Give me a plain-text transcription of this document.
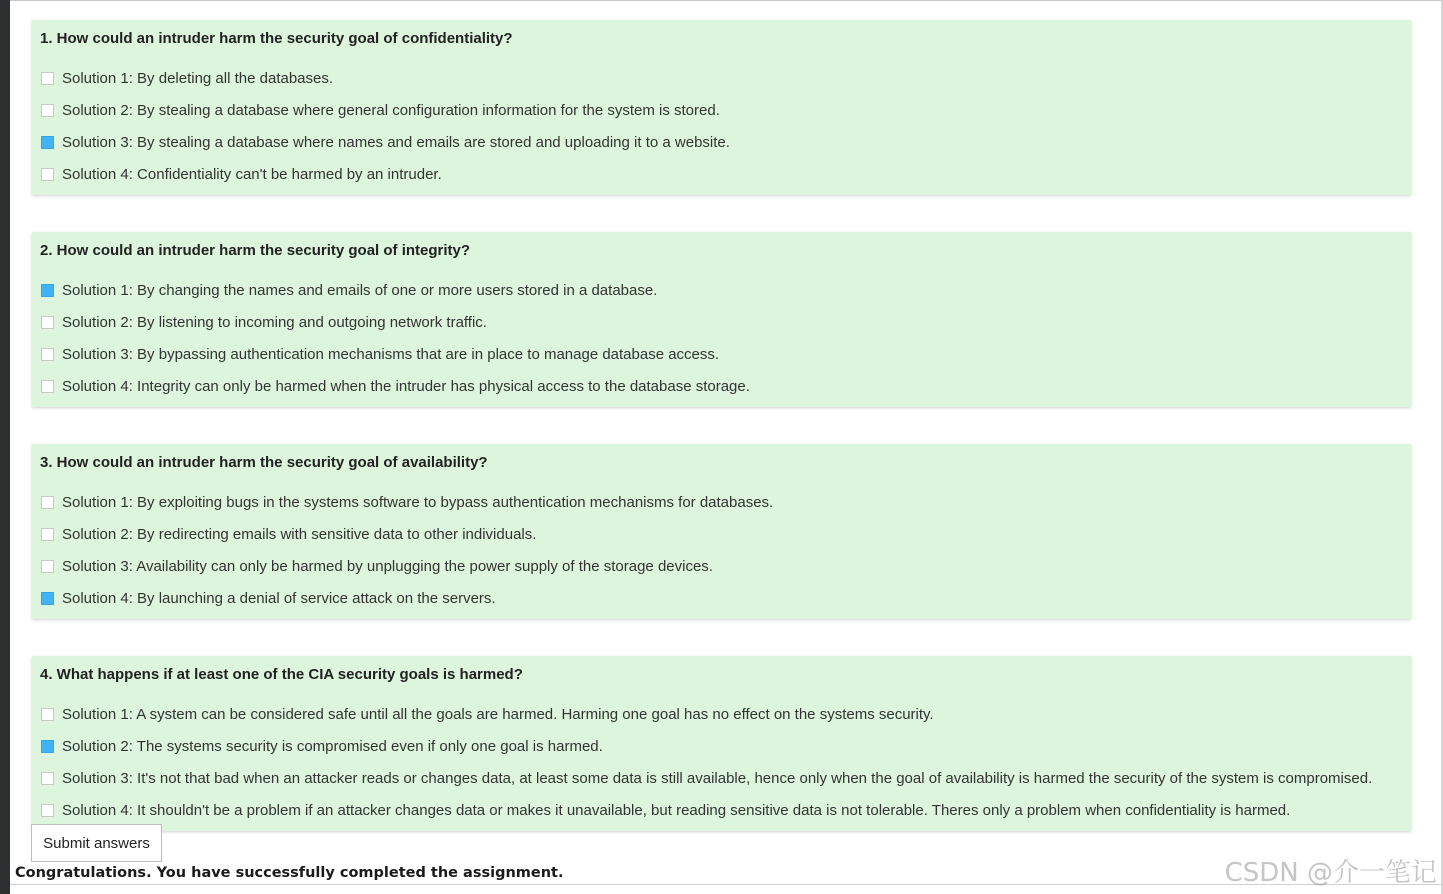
1. How could an intruder harm the security goal of confidentiality?
Solution 1: By deleting all the databases.
Solution 2: By stealing a database where general configuration information for the system is stored.
Solution 3: By stealing a database where names and emails are stored and uploading it to a website.
Solution 4: Confidentiality can't be harmed by an intruder.
2. How could an intruder harm the security goal of integrity?
Solution 1: By changing the names and emails of one or more users stored in a database.
Solution 2: By listening to incoming and outgoing network traffic.
Solution 3: By bypassing authentication mechanisms that are in place to manage database access.
Solution 4: Integrity can only be harmed when the intruder has physical access to the database storage.
3. How could an intruder harm the security goal of availability?
Solution 1: By exploiting bugs in the systems software to bypass authentication mechanisms for databases.
Solution 2: By redirecting emails with sensitive data to other individuals.
Solution 3: Availability can only be harmed by unplugging the power supply of the storage devices.
Solution 4: By launching a denial of service attack on the servers.
4. What happens if at least one of the CIA security goals is harmed?
Solution 1: A system can be considered safe until all the goals are harmed. Harming one goal has no effect on the systems security.
Solution 2: The systems security is compromised even if only one goal is harmed.
Solution 3: It's not that bad when an attacker reads or changes data, at least some data is still available, hence only when the goal of availability is harmed the security of the system is compromised.
Solution 4: It shouldn't be a problem if an attacker changes data or makes it unavailable, but reading sensitive data is not tolerable. Theres only a problem when confidentiality is harmed.
Submit answers
Congratulations. You have successfully completed the assignment.	CSDN @介一笔记
